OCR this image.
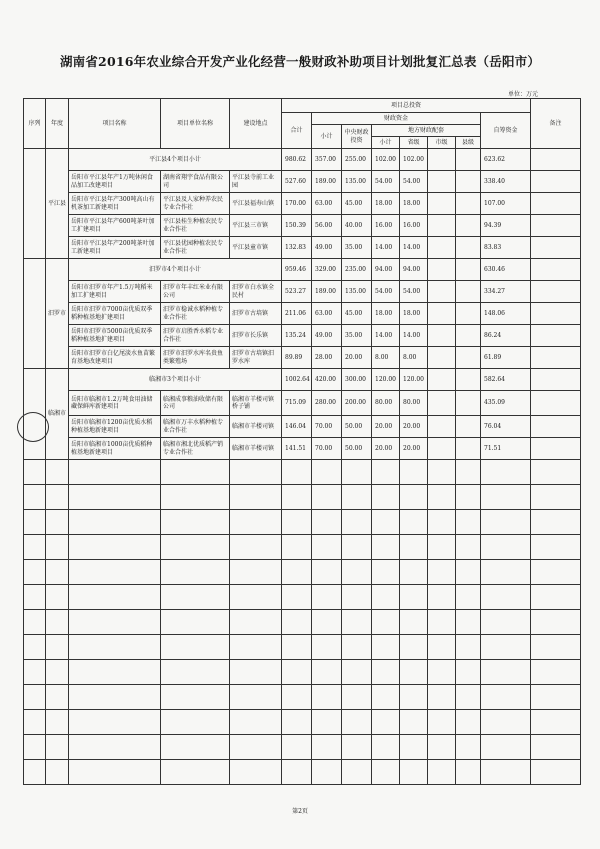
湖南省2016年农业综合开发产业化经营一般财政补助项目计划批复汇总表（岳阳市）
单位：万元
序列	年度	项目名称	项目单位名称	建设地点	项目总投资								备注
					合计	财政资金						自筹资金	
						小计	中央财政投资	地方财政配套					
								小计	省级	市级	县级		
	平江县	平江县4个项目小计			980.62	357.00	255.00	102.00	102.00			623.62	
		岳阳市平江县年产1万吨休闲食品加工改建项目	湖南省翔宇食品有限公司	平江县寺前工业园	527.60	189.00	135.00	54.00	54.00			338.40	
		岳阳市平江县年产300吨高山有机茶加工新建项目	平江县及人家种养农民专业合作社	平江县福寿山镇	170.00	63.00	45.00	18.00	18.00			107.00	
		岳阳市平江县年产600吨茶叶加工扩建项目	平江县桂生种植农民专业合作社	平江县三市镇	150.39	56.00	40.00	16.00	16.00			94.39	
		岳阳市平江县年产200吨茶叶加工新建项目	平江县优园种植农民专业合作社	平江县童市镇	132.83	49.00	35.00	14.00	14.00			83.83	
	汨罗市	汨罗市4个项目小计			959.46	329.00	235.00	94.00	94.00			630.46	
		岳阳市汨罗市年产1.5万吨稻米加工扩建项目	汨罗市年丰红米业有限公司	汨罗市白水镇全民村	523.27	189.00	135.00	54.00	54.00			334.27	
		岳阳市汨罗市7000亩优质双季稻种植基地扩建项目	汨罗市稳诚水稻种植专业合作社	汨罗市古培镇	211.06	63.00	45.00	18.00	18.00			148.06	
		岳阳市汨罗市5000亩优质双季稻种植基地扩建项目	汨罗市启胜香水稻专业合作社	汨罗市长乐镇	135.24	49.00	35.00	14.00	14.00			86.24	
		岳阳市汨罗市白亿尾淡水鱼苗繁育基地改建项目	汨罗市汨罗水库名贵鱼类繁殖场	汨罗市古培镇汨罗水库	89.89	28.00	20.00	8.00	8.00			61.89	
	临湘市	临湘市3个项目小计			1002.64	420.00	300.00	120.00	120.00			582.64	
		岳阳市临湘市1.2万吨食用油储藏保鲜库新建项目	临湘成事粮油收储有限公司	临湘市羊楼司镇桥子铺	715.09	280.00	200.00	80.00	80.00			435.09	
		岳阳市临湘市1200亩优质水稻种植基地新建项目	临湘市万丰水稻种植专业合作社	临湘市羊楼司镇	146.04	70.00	50.00	20.00	20.00			76.04	
		岳阳市临湘市1000亩优质稻种植基地新建项目	临湘市湘北优质稻产销专业合作社	临湘市羊楼司镇	141.51	70.00	50.00	20.00	20.00			71.51	

第2页
